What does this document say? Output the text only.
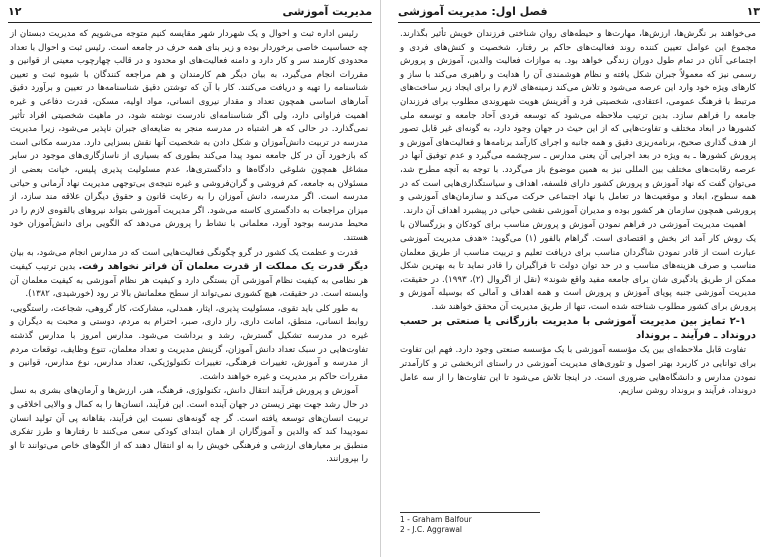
۱۲	مدیریت آموزشی

رئیس اداره ثبت و احوال و یک شهردار شهر مقایسه کنیم متوجه می‌شویم که مدیریت دبستان از چه حساسیت خاصی برخوردار بوده و زیر بنای همه حرف در جامعه است. رئیس ثبت و احوال با تعداد محدودی کارمند سر و کار دارد و دامنه فعالیت‌های او محدود و در قالب چهارچوب معینی از قوانین و مقررات انجام می‌گیرد، به بیان دیگر هم کارمندان و هم مراجعه کنندگان با شیوه ثبت و تعیین شناسنامه را تهیه و دریافت می‌کنند. کار با آن که توشتن دقیق شناسنامه‌ها در تعیین و برآورد دقیق آمارهای اساسی همچون تعداد و مقدار نیروی انسانی، مواد اولیه، مسکن، قدرت دفاعی و غیره اهمیت فراوانی دارد، ولی اگر شناسنامه‌ای نادرست نوشته شود، در ماهیت شخصیتی افراد تأثیر نمی‌گذارد. در حالی که هر اشتباه در مدرسه منجر به ضایعه‌ای جبران ناپذیر می‌شود، زیرا مدیریت مدرسه در تربیت دانش‌آموزان و شکل دادن به شخصیت آنها نقش بسزایی دارد. مدرسه مکانی است که بازخورد آن در کل جامعه نمود پیدا می‌کند بطوری که بسیاری از ناسازگاری‌های موجود در سایر مشاغل همچون شلوغی دادگاه‌ها و دادگستری‌ها، عدم مسئولیت پذیری پلیس، خیانت بعضی از مسئولان به جامعه، کم فروشی و گران‌فروشی و غیره نتیجه‌ی بی‌توجهی مدیریت نهاد آرمانی و حیاتی مدرسه است. اگر مدرسه، دانش آموزان را به رعایت قانون و حقوق دیگران علاقه مند سازد، از میزان مراجعات به دادگستری کاسته می‌شود. اگر مدیریت آموزشی بتواند نیروهای بالقوه‌ی لازم را در محیط مدرسه بوجود آورد، معلمانی با نشاط را پرورش می‌دهد که الگویی برای دانش‌آموزان خود هستند.

قدرت و عظمت یک کشور در گرو چگونگی فعالیت‌هایی است که در مدارس انجام می‌شود، به بیان دیگر قدرت یک مملکت از قدرت معلمان آن فراتر نخواهد رفت. بدین ترتیب کیفیت هر نظامی به کیفیت نظام آموزشی آن بستگی دارد و کیفیت هر نظام آموزشی به کیفیت معلمان آن وابسته است. در حقیقت، هیچ کشوری نمی‌تواند از سطح معلمانش بالا تر رود (خورشیدی، ۱۳۸۲).

به طور کلی باید تقوی، مسئولیت پذیری، ایثار، همدلی، مشارکت، کار گروهی، شجاعت، راستگویی، روابط انسانی، منطق، امانت داری، راز داری، صبر، احترام به مردم، دوستی و محبت به دیگران و غیره در مدرسه تشکیل گسترش، رشد و برداشت می‌شود. مدارس امروز با مدارس گذشته تفاوت‌هایی در سبک تعداد دانش آموزان، گزینش مدیریت و تعداد معلمان، تنوع وظایف، توقعات مردم از مدرسه و آموزش، تغییرات فرهنگی، تغییرات تکنولوژیکی، تعداد مدارس، نوع مدارس، قوانین و مقررات حاکم بر مدیریت و غیره خواهند داشت.

آموزش و پرورش فرآیند انتقال دانش، تکنولوژی، فرهنگ، هنر، ارزش‌ها و آرمان‌های بشری به نسل در حال رشد جهت بهتر زیستن در جهان آینده است. این فرآیند، انسان‌ها را به کمال و والایی اخلاقی و تربیت انسان‌های توسعه یافته است. گر چه گونه‌های نسبت این فرآیند، بقاهانه پی آن تولید انسان نمودپیدا کند که والدین و آموزگاران از همان ابتدای کودکی سعی می‌کنند تا رفتارها و طرز تفکری منطبق بر معیارهای ارزشی و فرهنگی خویش را به او انتقال دهند که از الگوهای خاص می‌توانند تا او را بپرورانند.

۱۳
فصل اول: مدیریت آموزشی

می‌خواهند بر نگرش‌ها، ارزش‌ها، مهارت‌ها و حیطه‌های روان شناختی فرزندان خویش تأثیر بگذارند. مجموع این عوامل تعیین کننده روند فعالیت‌های حاکم بر رفتار، شخصیت و کنش‌های فردی و اجتماعی آنان در تمام طول دوران زندگی خواهد بود. به موازات فعالیت والدین، آموزش و پرورش رسمی نیز که معمولاً جبران شکل یافته و نظام هوشمندی آن را هدایت و راهبری می‌کند با ساز و کارهای ویژه خود وارد این عرصه می‌شود و تلاش می‌کند زمینه‌های لازم را برای ایجاد زیر ساخت‌های مرتبط با فرهنگ عمومی، اعتقادی، شخصیتی فرد و آفرینش هویت شهروندی مطلوب برای فرزندان جامعه را فراهم سازد. بدین ترتیب ملاحظه می‌شود که توسعه فردی آحاد جامعه و توسعه ملی کشورها در ابعاد مختلف و تفاوت‌هایی که از این حیث در جهان وجود دارد، به گونه‌ای غیر قابل تصور از هدف گذاری صحیح، برنامه‌ریزی دقیق و همه جانبه و اجرای کارآمد برنامه‌ها و فعالیت‌های آموزش و پرورش کشورها ـ به ویژه در بعد اجرایی آن یعنی مدارس ـ سرچشمه می‌گیرد و عدم توفیق آنها در عرصه رقابت‌های مختلف بین المللی نیز به همین موضوع باز می‌گردد. با توجه به آنچه مطرح شد، می‌توان گفت که نهاد آموزش و پرورش کشور دارای فلسفه، اهداف و سیاستگذاری‌هایی است که در همه سطوح، ابعاد و موقعیت‌ها در تعامل با نهاد اجتماعی حرکت می‌کند و سازمان‌های آموزشی و پرورشی همچون سازمان هر کشور بوده و مدیران آموزشی نقشی حیاتی در پیشبرد اهداف آن دارند.

اهمیت مدیریت آموزشی در فراهم نمودن آموزش و پرورش مناسب برای کودکان و بزرگسالان با یک روش کار آمد اثر بخش و اقتصادی است. گراهام بالفور (۱) می‌گوید: «هدف مدیریت آموزشی عبارت است از قادر نمودن شاگردان مناسب برای دریافت تعلیم و تربیت مناسب از طریق معلمان مناسب و صرف هزینه‌های مناسب و در حد توان دولت تا فراگیران را قادر نماید تا به بهترین شکل ممکن از طریق یادگیری شان برای جامعه مفید واقع شوند» (نقل از اگروال (۲)، ۱۹۹۳). در حقیقت، مدیریت آموزشی جنبه پویای آموزش و پرورش است و همه اهداف و آمالی که بوسیله آموزش و پرورش برای کشور مطلوب شناخته شده است، تنها از طریق مدیریت آن محقق خواهند شد.

۲-۱ تمایز بین مدیریت آموزشی با مدیریت بازرگانی یا صنعتی بر حسب درونداد ـ فرآیند ـ برونداد

تفاوت قابل ملاحظه‌ای بین یک مؤسسه آموزشی با یک مؤسسه صنعتی وجود دارد. فهم این تفاوت برای توانایی در کاربرد بهتر اصول و تئوری‌های مدیریت آموزشی در راستای اثربخشی تر و کارآمدتر نمودن مدارس و دانشگاه‌هایی ضروری است. در اینجا تلاش می‌شود تا این تفاوت‌ها را از سه عامل درونداد، فرآیند و برونداد روشن سازیم.

1 - Graham Balfour
2 - J.C. Aggrawal
